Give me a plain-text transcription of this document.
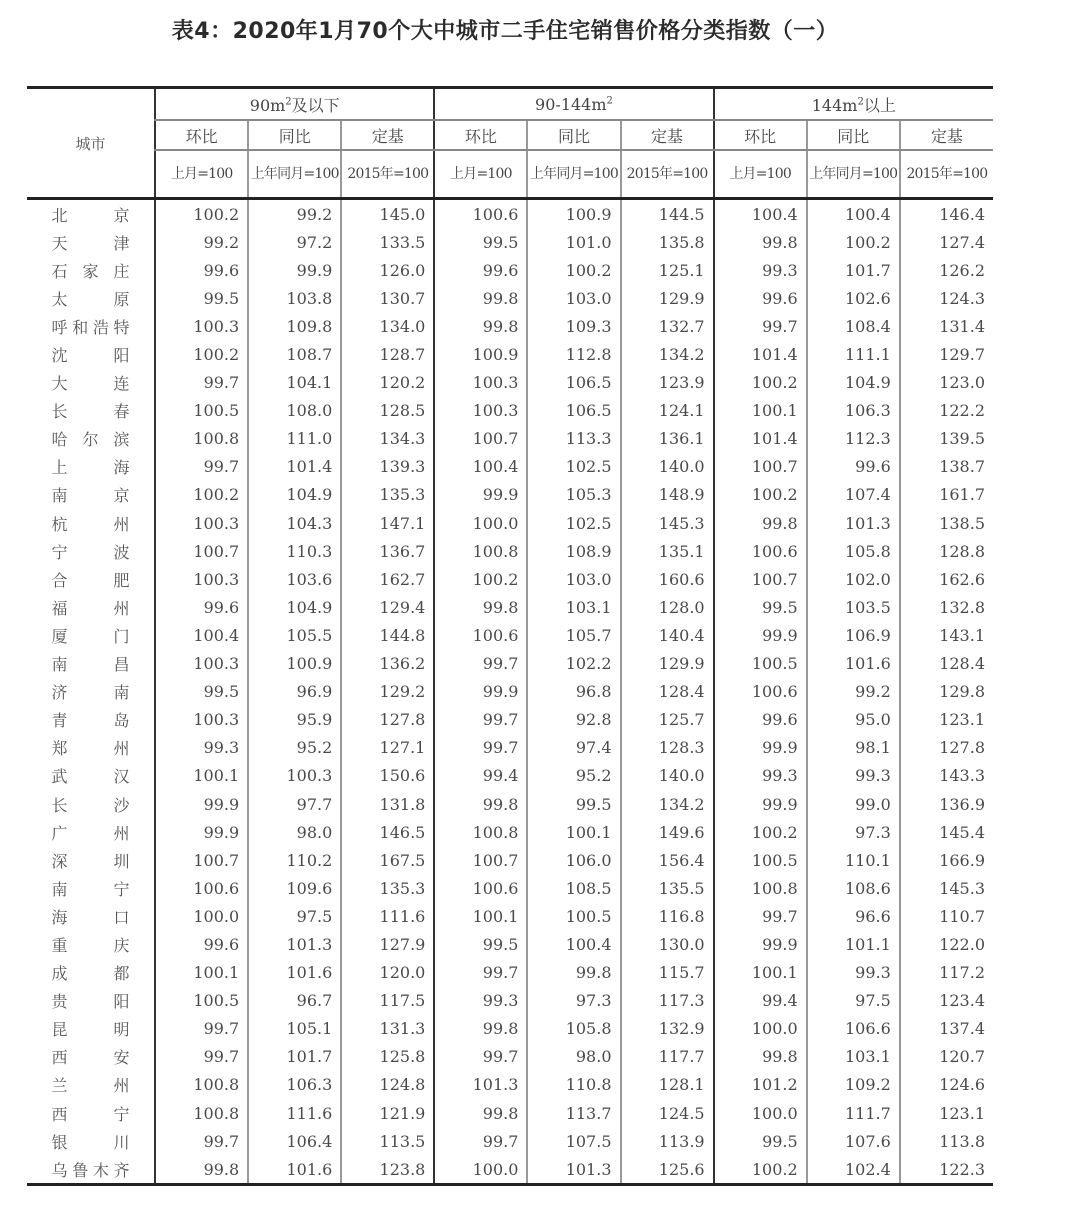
表4：2020年1月70个大中城市二手住宅销售价格分类指数（一）
城市	$90m^2$及以下			$90-144m^2$			$144m^2$以上		
	环比	同比	定基	环比	同比	定基	环比	同比	定基
	上月=100	上年同月=100	2015年=100	上月=100	上年同月=100	2015年=100	上月=100	上年同月=100	2015年=100
北京	100.2	99.2	145.0	100.6	100.9	144.5	100.4	100.4	146.4
天津	99.2	97.2	133.5	99.5	101.0	135.8	99.8	100.2	127.4
石家庄	99.6	99.9	126.0	99.6	100.2	125.1	99.3	101.7	126.2
太原	99.5	103.8	130.7	99.8	103.0	129.9	99.6	102.6	124.3
呼和浩特	100.3	109.8	134.0	99.8	109.3	132.7	99.7	108.4	131.4
沈阳	100.2	108.7	128.7	100.9	112.8	134.2	101.4	111.1	129.7
大连	99.7	104.1	120.2	100.3	106.5	123.9	100.2	104.9	123.0
长春	100.5	108.0	128.5	100.3	106.5	124.1	100.1	106.3	122.2
哈尔滨	100.8	111.0	134.3	100.7	113.3	136.1	101.4	112.3	139.5
上海	99.7	101.4	139.3	100.4	102.5	140.0	100.7	99.6	138.7
南京	100.2	104.9	135.3	99.9	105.3	148.9	100.2	107.4	161.7
杭州	100.3	104.3	147.1	100.0	102.5	145.3	99.8	101.3	138.5
宁波	100.7	110.3	136.7	100.8	108.9	135.1	100.6	105.8	128.8
合肥	100.3	103.6	162.7	100.2	103.0	160.6	100.7	102.0	162.6
福州	99.6	104.9	129.4	99.8	103.1	128.0	99.5	103.5	132.8
厦门	100.4	105.5	144.8	100.6	105.7	140.4	99.9	106.9	143.1
南昌	100.3	100.9	136.2	99.7	102.2	129.9	100.5	101.6	128.4
济南	99.5	96.9	129.2	99.9	96.8	128.4	100.6	99.2	129.8
青岛	100.3	95.9	127.8	99.7	92.8	125.7	99.6	95.0	123.1
郑州	99.3	95.2	127.1	99.7	97.4	128.3	99.9	98.1	127.8
武汉	100.1	100.3	150.6	99.4	95.2	140.0	99.3	99.3	143.3
长沙	99.9	97.7	131.8	99.8	99.5	134.2	99.9	99.0	136.9
广州	99.9	98.0	146.5	100.8	100.1	149.6	100.2	97.3	145.4
深圳	100.7	110.2	167.5	100.7	106.0	156.4	100.5	110.1	166.9
南宁	100.6	109.6	135.3	100.6	108.5	135.5	100.8	108.6	145.3
海口	100.0	97.5	111.6	100.1	100.5	116.8	99.7	96.6	110.7
重庆	99.6	101.3	127.9	99.5	100.4	130.0	99.9	101.1	122.0
成都	100.1	101.6	120.0	99.7	99.8	115.7	100.1	99.3	117.2
贵阳	100.5	96.7	117.5	99.3	97.3	117.3	99.4	97.5	123.4
昆明	99.7	105.1	131.3	99.8	105.8	132.9	100.0	106.6	137.4
西安	99.7	101.7	125.8	99.7	98.0	117.7	99.8	103.1	120.7
兰州	100.8	106.3	124.8	101.3	110.8	128.1	101.2	109.2	124.6
西宁	100.8	111.6	121.9	99.8	113.7	124.5	100.0	111.7	123.1
银川	99.7	106.4	113.5	99.7	107.5	113.9	99.5	107.6	113.8
乌鲁木齐	99.8	101.6	123.8	100.0	101.3	125.6	100.2	102.4	122.3
